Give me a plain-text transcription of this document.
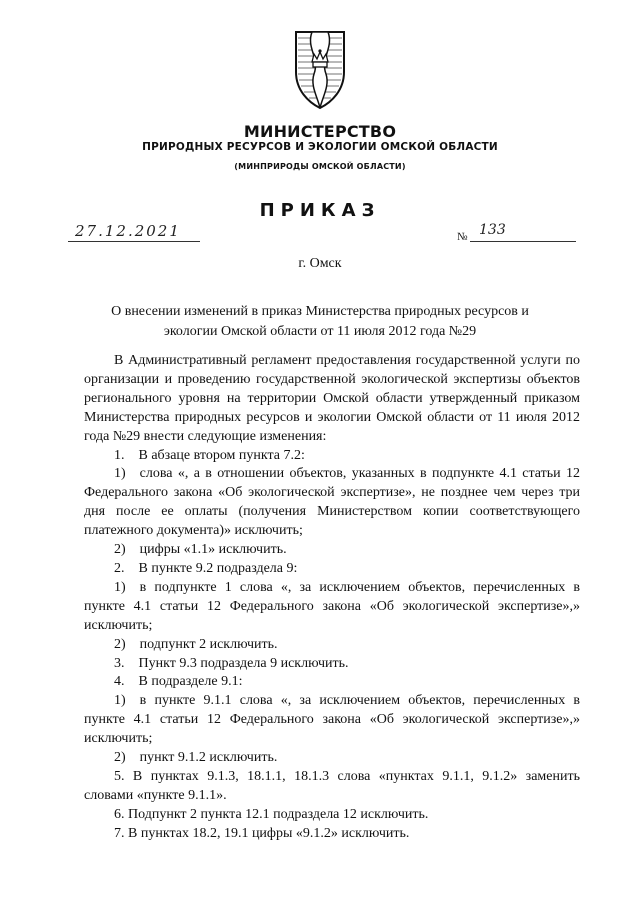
МИНИСТЕРСТВО
ПРИРОДНЫХ РЕСУРСОВ И ЭКОЛОГИИ ОМСКОЙ ОБЛАСТИ
(МИНПРИРОДЫ ОМСКОЙ ОБЛАСТИ)
ПРИКАЗ
27.12.2021	№ 133
г. Омск
О внесении изменений в приказ Министерства природных ресурсов и
экологии Омской области от 11 июля 2012 года №29

В Административный регламент предоставления государственной услуги по организации и проведению государственной экологической экспертизы объектов регионального уровня на территории Омской области утвержденный приказом Министерства природных ресурсов и экологии Омской области от 11 июля 2012 года №29 внести следующие изменения:

1. В абзаце втором пункта 7.2:

1) слова «, а в отношении объектов, указанных в подпункте 4.1 статьи 12 Федерального закона «Об экологической экспертизе», не позднее чем через три дня после ее оплаты (получения Министерством копии соответствующего платежного документа)» исключить;

2) цифры «1.1» исключить.

2. В пункте 9.2 подраздела 9:

1) в подпункте 1 слова «, за исключением объектов, перечисленных в пункте 4.1 статьи 12 Федерального закона «Об экологической экспертизе»,» исключить;

2) подпункт 2 исключить.

3. Пункт 9.3 подраздела 9 исключить.

4. В подразделе 9.1:

1) в пункте 9.1.1 слова «, за исключением объектов, перечисленных в пункте 4.1 статьи 12 Федерального закона «Об экологической экспертизе»,» исключить;

2) пункт 9.1.2 исключить.

5. В пунктах 9.1.3, 18.1.1, 18.1.3 слова «пунктах 9.1.1, 9.1.2» заменить словами «пункте 9.1.1».

6. Подпункт 2 пункта 12.1 подраздела 12 исключить.

7. В пунктах 18.2, 19.1 цифры «9.1.2» исключить.
